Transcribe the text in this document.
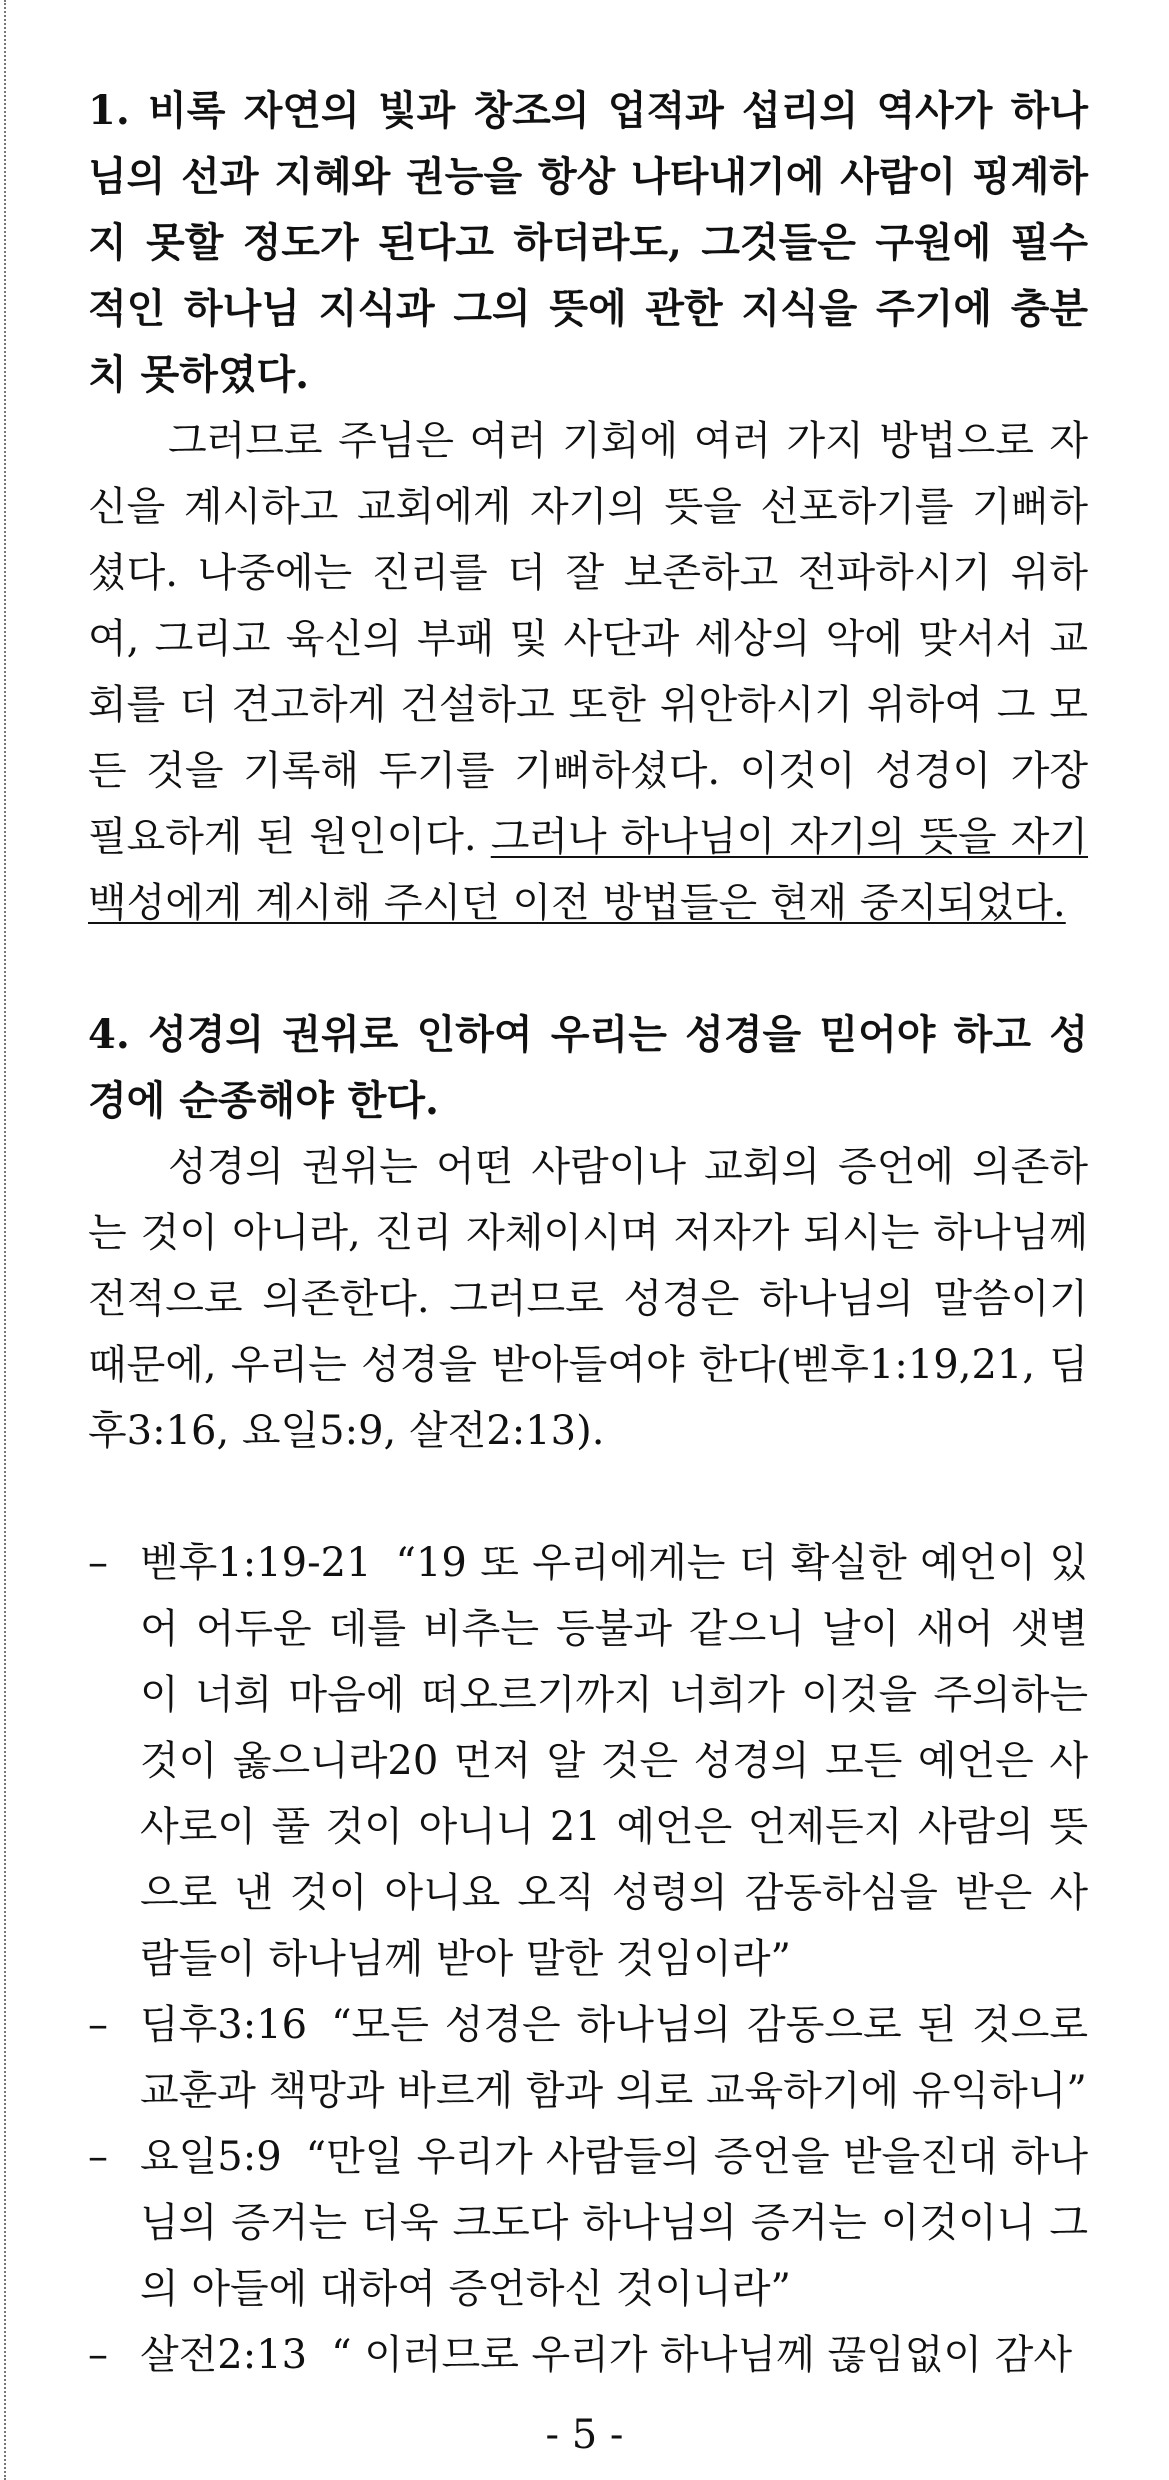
1. 비록 자연의 빛과 창조의 업적과 섭리의 역사가 하나님의 선과 지혜와 권능을 항상 나타내기에 사람이 핑계하지 못할 정도가 된다고 하더라도, 그것들은 구원에 필수적인 하나님 지식과 그의 뜻에 관한 지식을 주기에 충분치 못하였다.

그러므로 주님은 여러 기회에 여러 가지 방법으로 자신을 계시하고 교회에게 자기의 뜻을 선포하기를 기뻐하셨다. 나중에는 진리를 더 잘 보존하고 전파하시기 위하여, 그리고 육신의 부패 및 사단과 세상의 악에 맞서서 교회를 더 견고하게 건설하고 또한 위안하시기 위하여 그 모든 것을 기록해 두기를 기뻐하셨다. 이것이 성경이 가장 필요하게 된 원인이다. 그러나 하나님이 자기의 뜻을 자기 백성에게 계시해 주시던 이전 방법들은 현재 중지되었다.

4. 성경의 권위로 인하여 우리는 성경을 믿어야 하고 성경에 순종해야 한다.

성경의 권위는 어떤 사람이나 교회의 증언에 의존하는 것이 아니라, 진리 자체이시며 저자가 되시는 하나님께 전적으로 의존한다. 그러므로 성경은 하나님의 말씀이기 때문에, 우리는 성경을 받아들여야 한다(벧후1:19,21, 딤후3:16, 요일5:9, 살전2:13).

– 벧후1:19-21 “19 또 우리에게는 더 확실한 예언이 있어 어두운 데를 비추는 등불과 같으니 날이 새어 샛별이 너희 마음에 떠오르기까지 너희가 이것을 주의하는 것이 옳으니라20 먼저 알 것은 성경의 모든 예언은 사사로이 풀 것이 아니니 21 예언은 언제든지 사람의 뜻으로 낸 것이 아니요 오직 성령의 감동하심을 받은 사람들이 하나님께 받아 말한 것임이라”
– 딤후3:16 “모든 성경은 하나님의 감동으로 된 것으로 교훈과 책망과 바르게 함과 의로 교육하기에 유익하니”
– 요일5:9 “만일 우리가 사람들의 증언을 받을진대 하나님의 증거는 더욱 크도다 하나님의 증거는 이것이니 그의 아들에 대하여 증언하신 것이니라”
– 살전2:13 “ 이러므로 우리가 하나님께 끊임없이 감사
- 5 -
